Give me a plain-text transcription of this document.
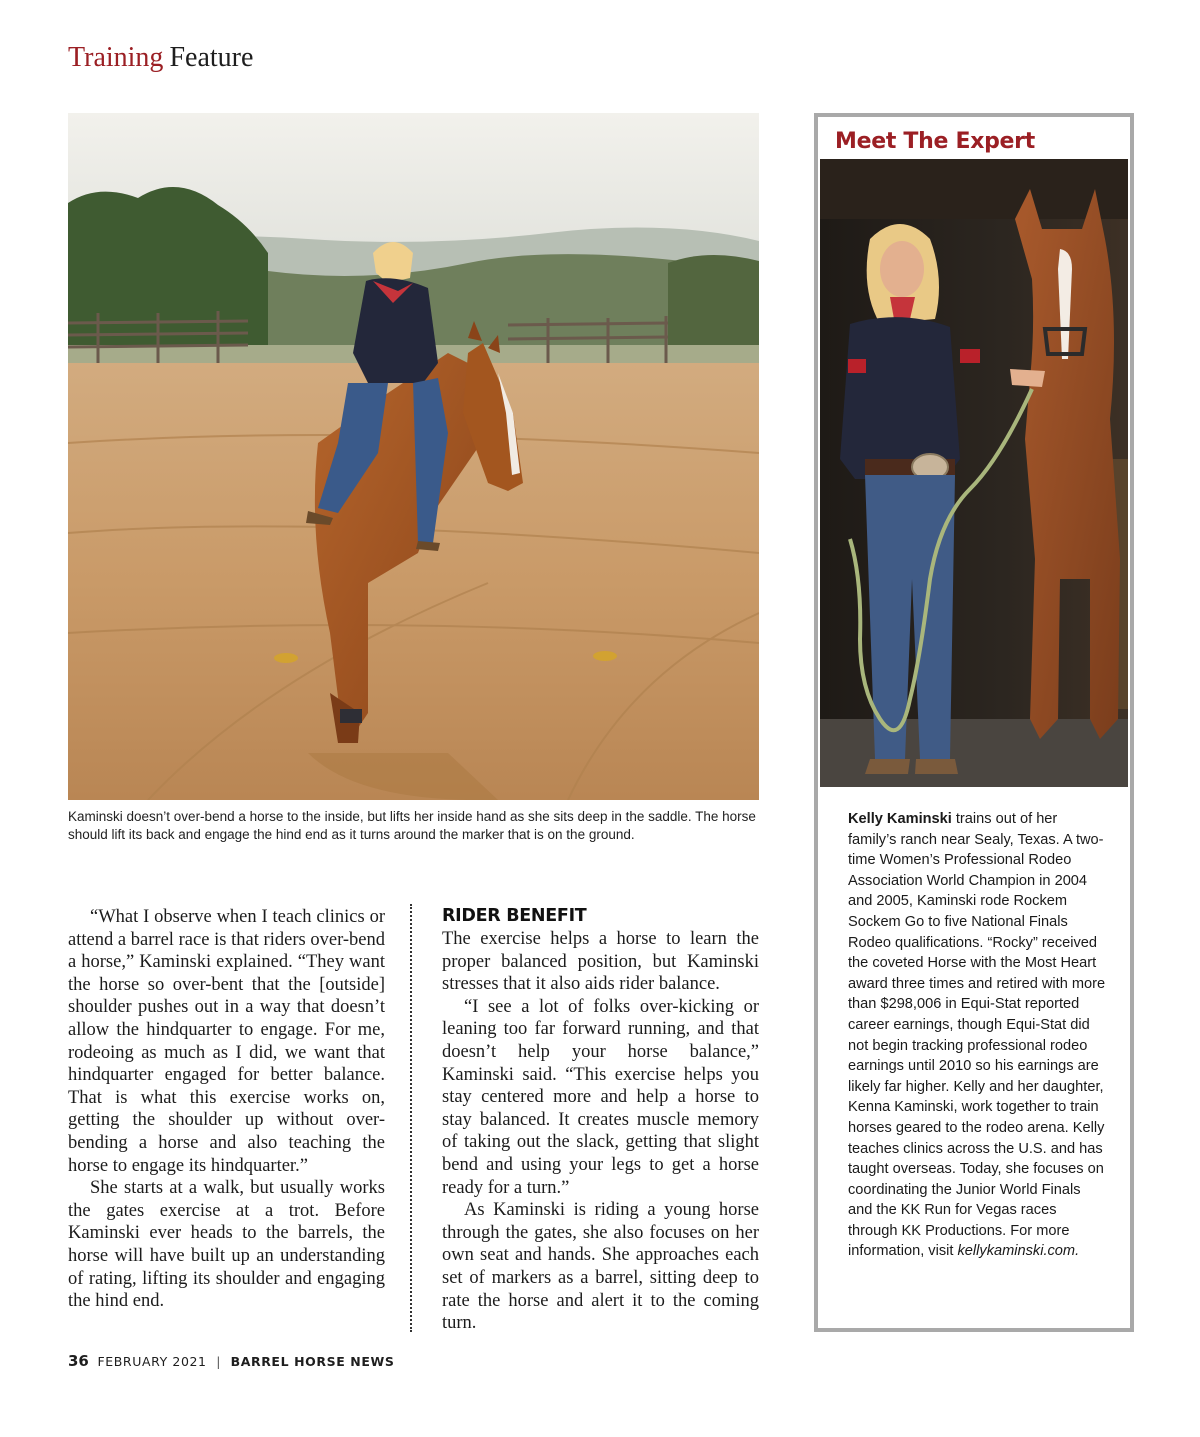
Training Feature
Kaminski doesn’t over-bend a horse to the inside, but lifts her inside hand as she sits deep in the saddle. The horse should lift its back and engage the hind end as it turns around the marker that is on the ground.

“What I observe when I teach clinics or attend a barrel race is that riders over-bend a horse,” Kaminski explained. “They want the horse so over-bent that the [outside] shoulder pushes out in a way that doesn’t allow the hindquarter to engage. For me, rodeoing as much as I did, we want that hindquarter engaged for better balance. That is what this exercise works on, getting the shoulder up without over-bending a horse and also teaching the horse to engage its hindquarter.”

She starts at a walk, but usually works the gates exercise at a trot. Before Kaminski ever heads to the barrels, the horse will have built up an understanding of rating, lifting its shoulder and engaging the hind end.

RIDER BENEFIT

The exercise helps a horse to learn the proper balanced position, but Kaminski stresses that it also aids rider balance.

“I see a lot of folks over-kicking or leaning too far forward running, and that doesn’t help your horse balance,” Kaminski said. “This exercise helps you stay centered more and help a horse to stay balanced. It creates muscle memory of taking out the slack, getting that slight bend and using your legs to get a horse ready for a turn.”

As Kaminski is riding a young horse through the gates, she also focuses on her own seat and hands. She approaches each set of markers as a barrel, sitting deep to rate the horse and alert it to the coming turn.

Meet The Expert
Kelly Kaminski trains out of her family’s ranch near Sealy, Texas. A two-time Women’s Professional Rodeo Association World Champion in 2004 and 2005, Kaminski rode Rockem Sockem Go to five National Finals Rodeo qualifications. “Rocky” received the coveted Horse with the Most Heart award three times and retired with more than $298,006 in Equi-Stat reported career earnings, though Equi-Stat did not begin tracking professional rodeo earnings until 2010 so his earnings are likely far higher. Kelly and her daughter, Kenna Kaminski, work together to train horses geared to the rodeo arena. Kelly teaches clinics across the U.S. and has taught overseas. Today, she focuses on coordinating the Junior World Finals and the KK Run for Vegas races through KK Productions. For more information, visit kellykaminski.com.
36 FEBRUARY 2021 | BARREL HORSE NEWS
